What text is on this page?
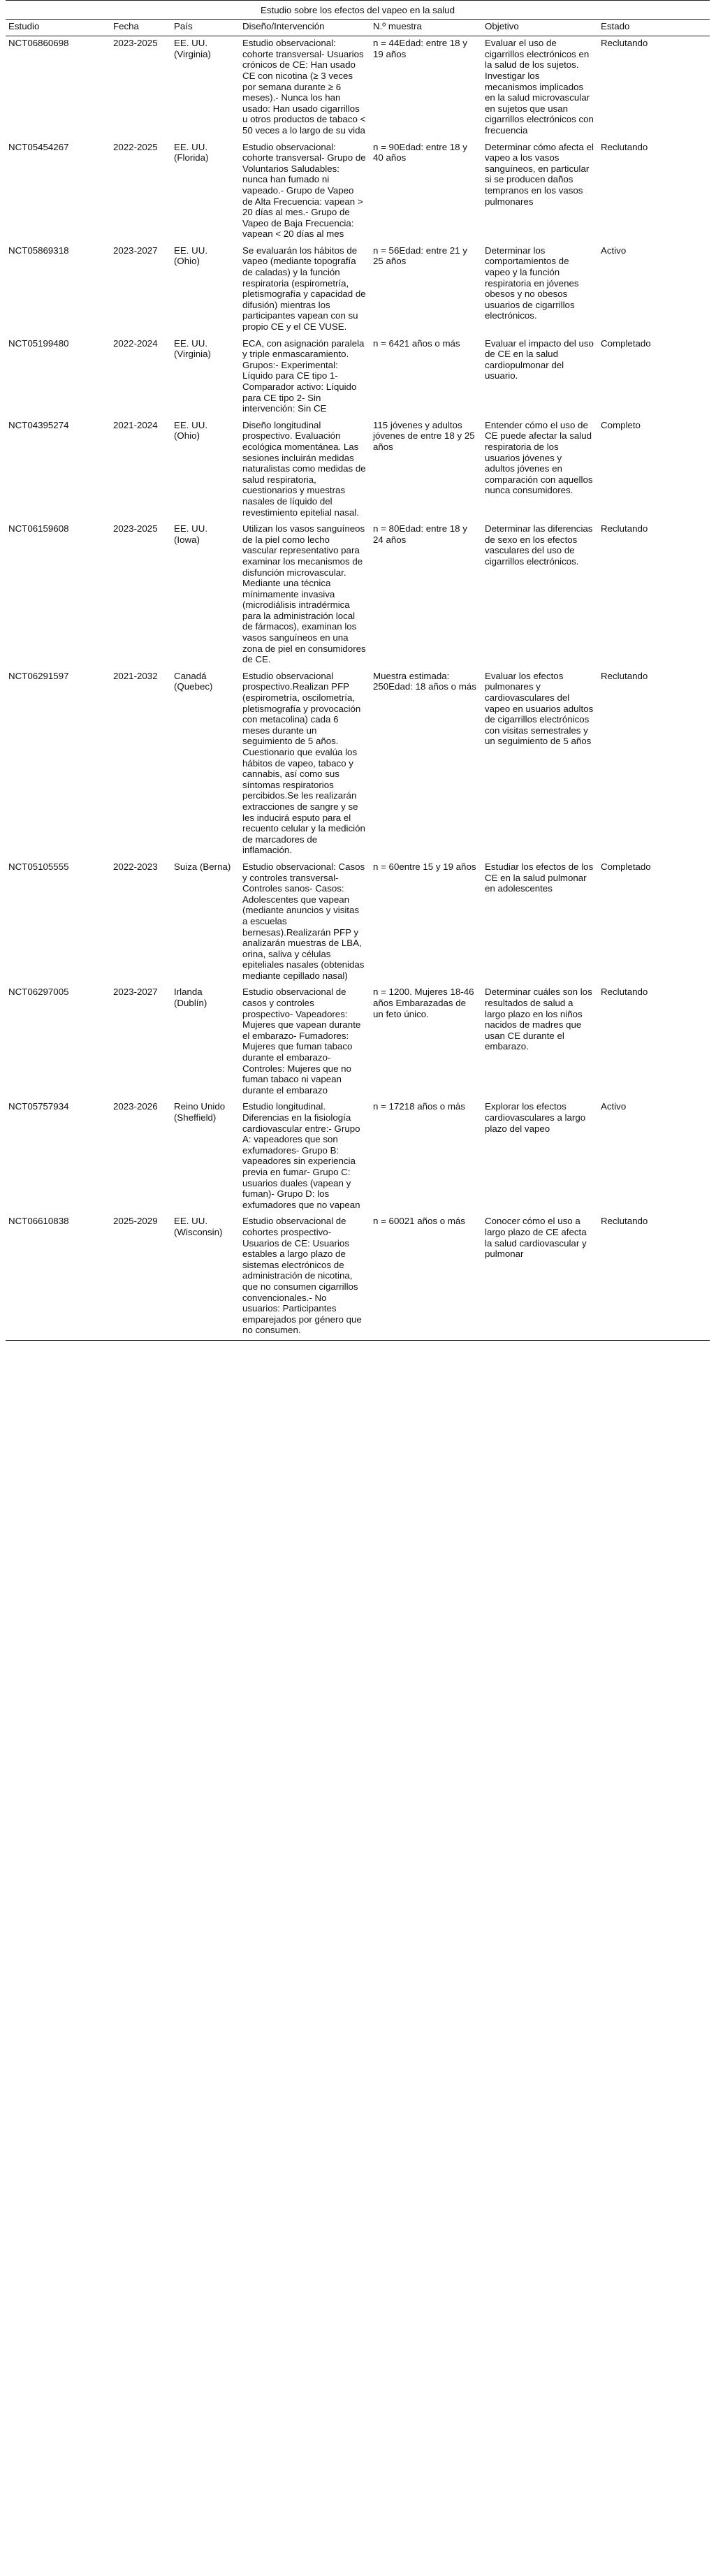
Estudio sobre los efectos del vapeo en la salud
Estudio	Fecha	País	Diseño/Intervención	N.º muestra	Objetivo	Estado
NCT06860698	2023-2025	EE. UU. (Virginia)	Estudio observacional: cohorte transversal- Usuarios crónicos de CE: Han usado CE con nicotina (≥ 3 veces por semana durante ≥ 6 meses).- Nunca los han usado: Han usado cigarrillos u otros productos de tabaco < 50 veces a lo largo de su vida	n = 44Edad: entre 18 y 19 años	Evaluar el uso de cigarrillos electrónicos en la salud de los sujetos. Investigar los mecanismos implicados en la salud microvascular en sujetos que usan cigarrillos electrónicos con frecuencia	Reclutando
NCT05454267	2022-2025	EE. UU. (Florida)	Estudio observacional: cohorte transversal- Grupo de Voluntarios Saludables: nunca han fumado ni vapeado.- Grupo de Vapeo de Alta Frecuencia: vapean > 20 días al mes.- Grupo de Vapeo de Baja Frecuencia: vapean < 20 días al mes	n = 90Edad: entre 18 y 40 años	Determinar cómo afecta el vapeo a los vasos sanguíneos, en particular si se producen daños tempranos en los vasos pulmonares	Reclutando
NCT05869318	2023-2027	EE. UU. (Ohio)	Se evaluarán los hábitos de vapeo (mediante topografía de caladas) y la función respiratoria (espirometría, pletismografía y capacidad de difusión) mientras los participantes vapean con su propio CE y el CE VUSE.	n = 56Edad: entre 21 y 25 años	Determinar los comportamientos de vapeo y la función respiratoria en jóvenes obesos y no obesos usuarios de cigarrillos electrónicos.	Activo
NCT05199480	2022-2024	EE. UU. (Virginia)	ECA, con asignación paralela y triple enmascaramiento. Grupos:- Experimental: Líquido para CE tipo 1- Comparador activo: Líquido para CE tipo 2- Sin intervención: Sin CE	n = 6421 años o más	Evaluar el impacto del uso de CE en la salud cardiopulmonar del usuario.	Completado
NCT04395274	2021-2024	EE. UU. (Ohio)	Diseño longitudinal prospectivo. Evaluación ecológica momentánea. Las sesiones incluirán medidas naturalistas como medidas de salud respiratoria, cuestionarios y muestras nasales de líquido del revestimiento epitelial nasal.	115 jóvenes y adultos jóvenes de entre 18 y 25 años	Entender cómo el uso de CE puede afectar la salud respiratoria de los usuarios jóvenes y adultos jóvenes en comparación con aquellos nunca consumidores.	Completo
NCT06159608	2023-2025	EE. UU. (Iowa)	Utilizan los vasos sanguíneos de la piel como lecho vascular representativo para examinar los mecanismos de disfunción microvascular. Mediante una técnica mínimamente invasiva (microdiálisis intradérmica para la administración local de fármacos), examinan los vasos sanguíneos en una zona de piel en consumidores de CE.	n = 80Edad: entre 18 y 24 años	Determinar las diferencias de sexo en los efectos vasculares del uso de cigarrillos electrónicos.	Reclutando
NCT06291597	2021-2032	Canadá (Quebec)	Estudio observacional prospectivo.Realizan PFP (espirometría, oscilometría, pletismografía y provocación con metacolina) cada 6 meses durante un seguimiento de 5 años. Cuestionario que evalúa los hábitos de vapeo, tabaco y cannabis, así como sus síntomas respiratorios percibidos.Se les realizarán extracciones de sangre y se les inducirá esputo para el recuento celular y la medición de marcadores de inflamación.	Muestra estimada: 250Edad: 18 años o más	Evaluar los efectos pulmonares y cardiovasculares del vapeo en usuarios adultos de cigarrillos electrónicos con visitas semestrales y un seguimiento de 5 años	Reclutando
NCT05105555	2022-2023	Suiza (Berna)	Estudio observacional: Casos y controles transversal- Controles sanos- Casos: Adolescentes que vapean (mediante anuncios y visitas a escuelas bernesas).Realizarán PFP y analizarán muestras de LBA, orina, saliva y células epiteliales nasales (obtenidas mediante cepillado nasal)	n = 60entre 15 y 19 años	Estudiar los efectos de los CE en la salud pulmonar en adolescentes	Completado
NCT06297005	2023-2027	Irlanda (Dublín)	Estudio observacional de casos y controles prospectivo- Vapeadores: Mujeres que vapean durante el embarazo- Fumadores: Mujeres que fuman tabaco durante el embarazo- Controles: Mujeres que no fuman tabaco ni vapean durante el embarazo	n = 1200. Mujeres 18-46 años Embarazadas de un feto único.	Determinar cuáles son los resultados de salud a largo plazo en los niños nacidos de madres que usan CE durante el embarazo.	Reclutando
NCT05757934	2023-2026	Reino Unido (Sheffield)	Estudio longitudinal. Diferencias en la fisiología cardiovascular entre:- Grupo A: vapeadores que son exfumadores- Grupo B: vapeadores sin experiencia previa en fumar- Grupo C: usuarios duales (vapean y fuman)- Grupo D: los exfumadores que no vapean	n = 17218 años o más	Explorar los efectos cardiovasculares a largo plazo del vapeo	Activo
NCT06610838	2025-2029	EE. UU. (Wisconsin)	Estudio observacional de cohortes prospectivo- Usuarios de CE: Usuarios estables a largo plazo de sistemas electrónicos de administración de nicotina, que no consumen cigarrillos convencionales.- No usuarios: Participantes emparejados por género que no consumen.	n = 60021 años o más	Conocer cómo el uso a largo plazo de CE afecta la salud cardiovascular y pulmonar	Reclutando
